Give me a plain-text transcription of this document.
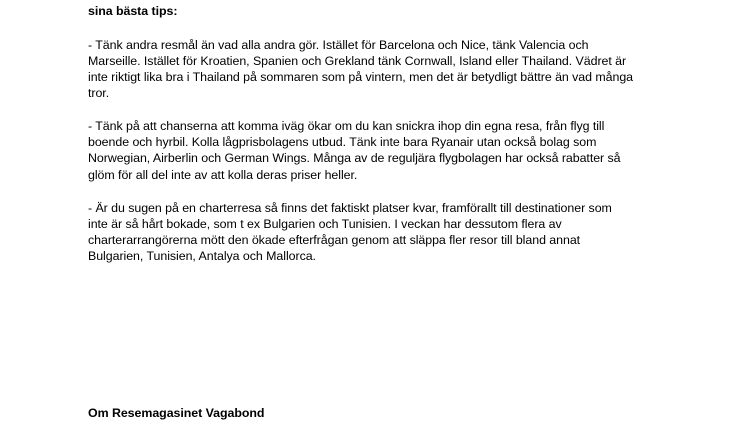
sina bästa tips:
- Tänk andra resmål än vad alla andra gör. Istället för Barcelona och Nice, tänk Valencia och
Marseille. Istället för Kroatien, Spanien och Grekland tänk Cornwall, Island eller Thailand. Vädret är
inte riktigt lika bra i Thailand på sommaren som på vintern, men det är betydligt bättre än vad många
tror.
- Tänk på att chanserna att komma iväg ökar om du kan snickra ihop din egna resa, från flyg till
boende och hyrbil. Kolla lågprisbolagens utbud. Tänk inte bara Ryanair utan också bolag som
Norwegian, Airberlin och German Wings. Många av de reguljära flygbolagen har också rabatter så
glöm för all del inte av att kolla deras priser heller.
- Är du sugen på en charterresa så finns det faktiskt platser kvar, framförallt till destinationer som
inte är så hårt bokade, som t ex Bulgarien och Tunisien. I veckan har dessutom flera av
charterarrangörerna mött den ökade efterfrågan genom att släppa fler resor till bland annat
Bulgarien, Tunisien, Antalya och Mallorca.
Om Resemagasinet Vagabond
